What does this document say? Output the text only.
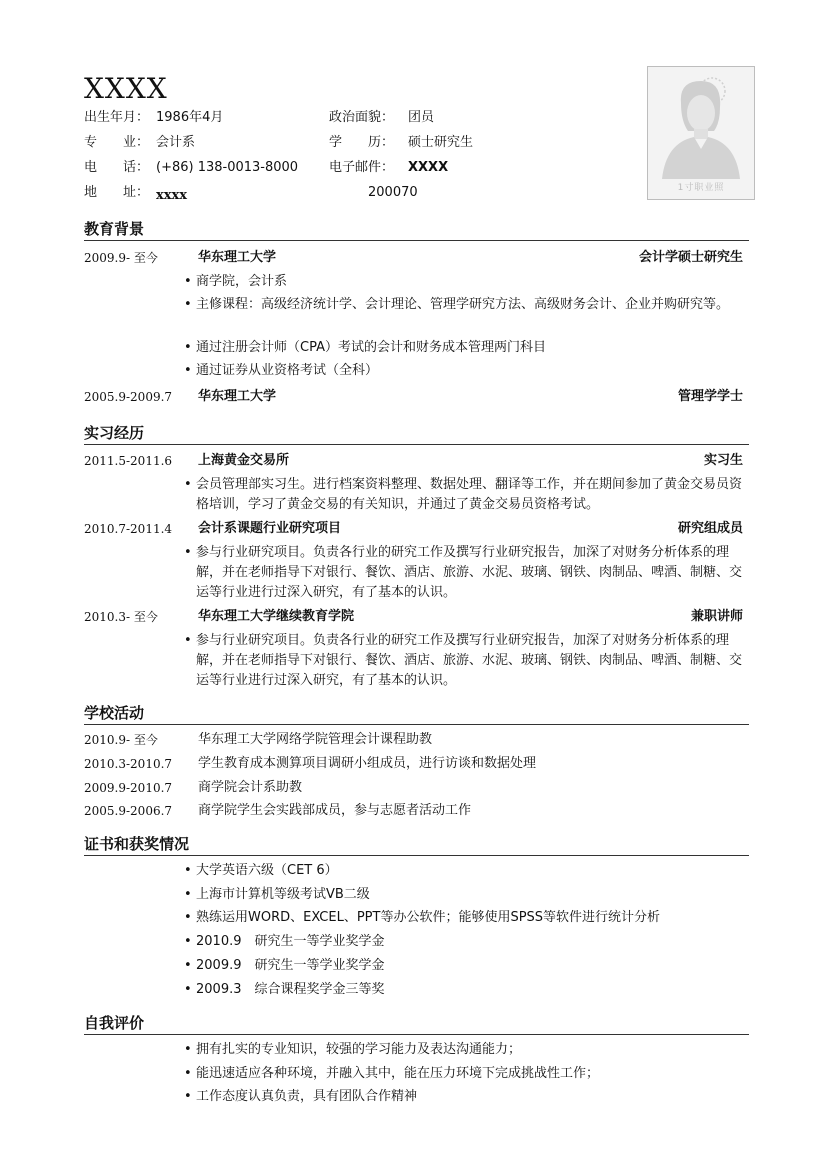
XXXX
出生年月： 1986年4月	政治面貌： 团员
专　　业： 会计系	学　　历： 硕士研究生
电　　话： (+86) 138-0013-8000 电子邮件： XXXX
地　　址： xxxx	200070	1寸职业照
教育背景
2009.9- 至今	华东理工大学	会计学硕士研究生
• 商学院，会计系
• 主修课程：高级经济统计学、会计理论、管理学研究方法、高级财务会计、企业并购研究等。
• 通过注册会计师（CPA）考试的会计和财务成本管理两门科目
• 通过证券从业资格考试（全科）
2005.9-2009.7 华东理工大学	管理学学士
实习经历
2011.5-2011.6 上海黄金交易所	实习生
• 会员管理部实习生。进行档案资料整理、数据处理、翻译等工作，并在期间参加了黄金交易员资格培训，学习了黄金交易的有关知识，并通过了黄金交易员资格考试。
2010.7-2011.4 会计系课题行业研究项目	研究组成员
• 参与行业研究项目。负责各行业的研究工作及撰写行业研究报告，加深了对财务分析体系的理解，并在老师指导下对银行、餐饮、酒店、旅游、水泥、玻璃、钢铁、肉制品、啤酒、制糖、交运等行业进行过深入研究，有了基本的认识。
2010.3- 至今	华东理工大学继续教育学院	兼职讲师
• 参与行业研究项目。负责各行业的研究工作及撰写行业研究报告，加深了对财务分析体系的理解，并在老师指导下对银行、餐饮、酒店、旅游、水泥、玻璃、钢铁、肉制品、啤酒、制糖、交运等行业进行过深入研究，有了基本的认识。
学校活动
2010.9- 至今	华东理工大学网络学院管理会计课程助教
2010.3-2010.7 学生教育成本测算项目调研小组成员，进行访谈和数据处理
2009.9-2010.7 商学院会计系助教
2005.9-2006.7 商学院学生会实践部成员，参与志愿者活动工作
证书和获奖情况
• 大学英语六级（CET 6）
• 上海市计算机等级考试VB二级
• 熟练运用WORD、EXCEL、PPT等办公软件；能够使用SPSS等软件进行统计分析
• 2010.9　研究生一等学业奖学金
• 2009.9　研究生一等学业奖学金
• 2009.3　综合课程奖学金三等奖
自我评价
• 拥有扎实的专业知识，较强的学习能力及表达沟通能力；
• 能迅速适应各种环境，并融入其中，能在压力环境下完成挑战性工作；
• 工作态度认真负责，具有团队合作精神
